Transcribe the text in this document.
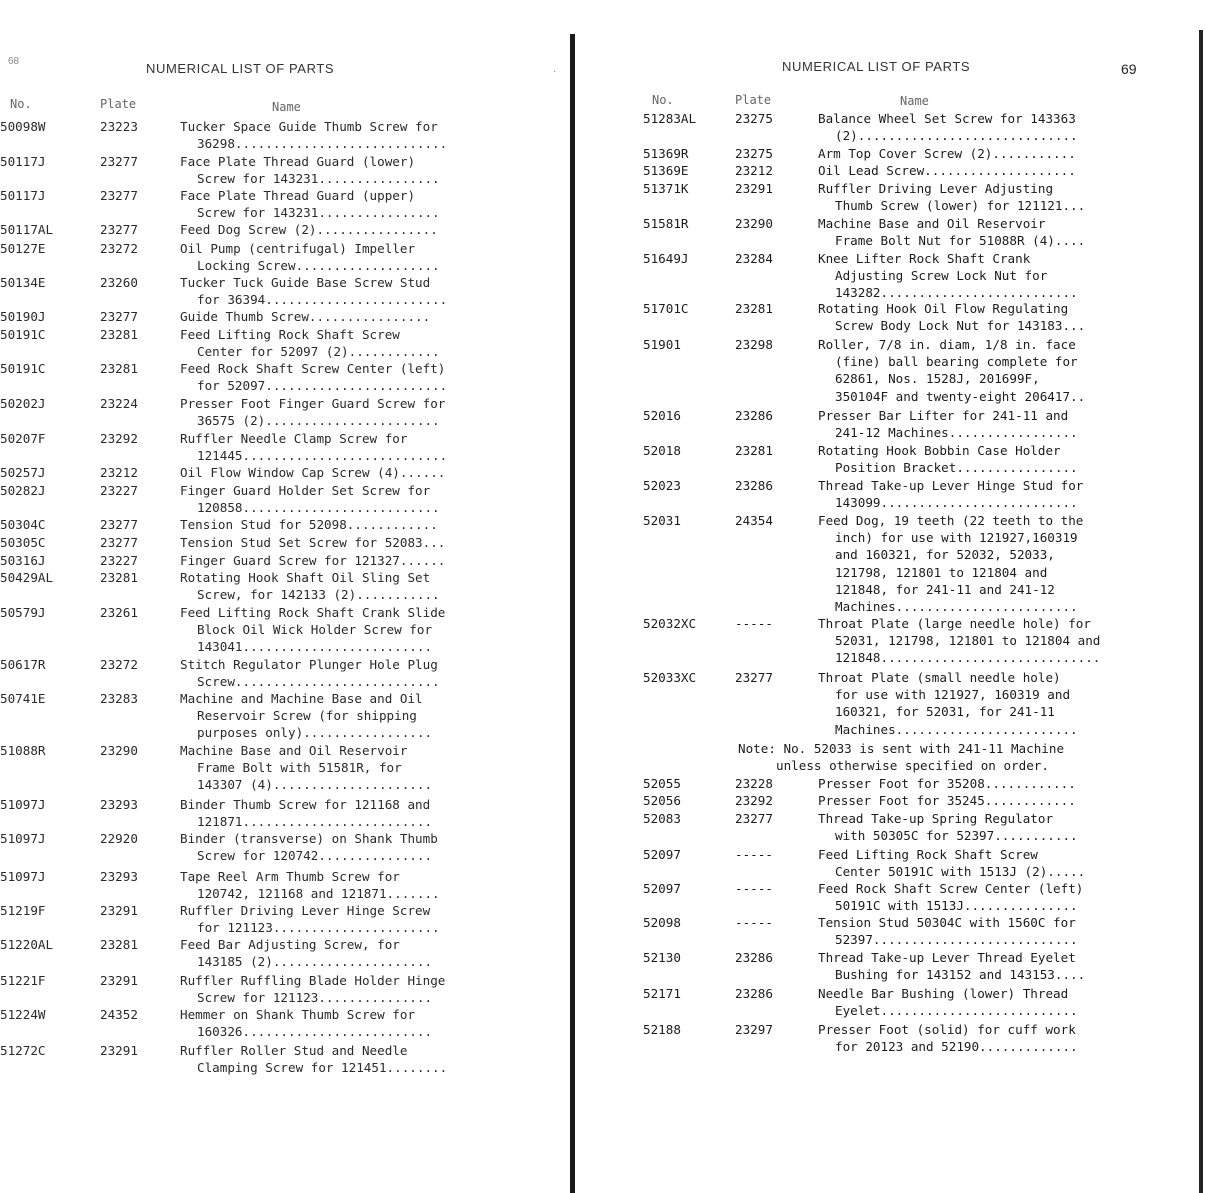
68	NUMERICAL LIST OF PARTS
No.	Plate	Name
50098W	23223	Tucker Space Guide Thumb Screw for
36298............................
50117J	23277	Face Plate Thread Guard (lower)
Screw for 143231................
50117J	23277	Face Plate Thread Guard (upper)
Screw for 143231................
50117AL	23277	Feed Dog Screw (2)................
50127E	23272	Oil Pump (centrifugal) Impeller
Locking Screw...................
50134E	23260	Tucker Tuck Guide Base Screw Stud
for 36394........................
50190J	23277	Guide Thumb Screw................
50191C	23281	Feed Lifting Rock Shaft Screw
Center for 52097 (2)............
50191C	23281	Feed Rock Shaft Screw Center (left)
for 52097........................
50202J	23224	Presser Foot Finger Guard Screw for
36575 (2).......................
50207F	23292	Ruffler Needle Clamp Screw for
121445...........................
50257J	23212	Oil Flow Window Cap Screw (4)......
50282J	23227	Finger Guard Holder Set Screw for
120858..........................
50304C	23277	Tension Stud for 52098............
50305C	23277	Tension Stud Set Screw for 52083...
50316J	23227	Finger Guard Screw for 121327......
50429AL	23281	Rotating Hook Shaft Oil Sling Set
Screw, for 142133 (2)...........
50579J	23261	Feed Lifting Rock Shaft Crank Slide
Block Oil Wick Holder Screw for
143041.........................
50617R	23272	Stitch Regulator Plunger Hole Plug
Screw...........................
50741E	23283	Machine and Machine Base and Oil
Reservoir Screw (for shipping
purposes only).................
51088R	23290	Machine Base and Oil Reservoir
Frame Bolt with 51581R, for
143307 (4).....................
51097J	23293	Binder Thumb Screw for 121168 and
121871.........................
51097J	22920	Binder (transverse) on Shank Thumb
Screw for 120742...............
51097J	23293	Tape Reel Arm Thumb Screw for
120742, 121168 and 121871.......
51219F	23291	Ruffler Driving Lever Hinge Screw
for 121123......................
51220AL	23281	Feed Bar Adjusting Screw, for
143185 (2).....................
51221F	23291	Ruffler Ruffling Blade Holder Hinge
Screw for 121123...............
51224W	24352	Hemmer on Shank Thumb Screw for
160326.........................
51272C	23291	Ruffler Roller Stud and Needle
Clamping Screw for 121451........
.	NUMERICAL LIST OF PARTS	69
No.	Plate	Name
51283AL	23275	Balance Wheel Set Screw for 143363
(2).............................
51369R	23275	Arm Top Cover Screw (2)...........
51369E	23212	Oil Lead Screw....................
51371K	23291	Ruffler Driving Lever Adjusting
Thumb Screw (lower) for 121121...
51581R	23290	Machine Base and Oil Reservoir
Frame Bolt Nut for 51088R (4)....
51649J	23284	Knee Lifter Rock Shaft Crank
Adjusting Screw Lock Nut for
143282..........................
51701C	23281	Rotating Hook Oil Flow Regulating
Screw Body Lock Nut for 143183...
51901	23298	Roller, 7/8 in. diam, 1/8 in. face
(fine) ball bearing complete for
62861, Nos. 1528J, 201699F,
350104F and twenty-eight 206417..
52016	23286	Presser Bar Lifter for 241-11 and
241-12 Machines.................
52018	23281	Rotating Hook Bobbin Case Holder
Position Bracket................
52023	23286	Thread Take-up Lever Hinge Stud for
143099..........................
52031	24354	Feed Dog, 19 teeth (22 teeth to the
inch) for use with 121927,160319
and 160321, for 52032, 52033,
121798, 121801 to 121804 and
121848, for 241-11 and 241-12
Machines........................
52032XC	-----	Throat Plate (large needle hole) for
52031, 121798, 121801 to 121804 and
121848.............................
52033XC	23277	Throat Plate (small needle hole)
for use with 121927, 160319 and
160321, for 52031, for 241-11
Machines........................
52055	23228	Presser Foot for 35208............
52056	23292	Presser Foot for 35245............
52083	23277	Thread Take-up Spring Regulator
with 50305C for 52397...........
52097	-----	Feed Lifting Rock Shaft Screw
Center 50191C with 1513J (2).....
52097	-----	Feed Rock Shaft Screw Center (left)
50191C with 1513J...............
52098	-----	Tension Stud 50304C with 1560C for
52397...........................
52130	23286	Thread Take-up Lever Thread Eyelet
Bushing for 143152 and 143153....
52171	23286	Needle Bar Bushing (lower) Thread
Eyelet..........................
52188	23297	Presser Foot (solid) for cuff work
for 20123 and 52190.............
Note: No. 52033 is sent with 241-11 Machine
unless otherwise specified on order.
